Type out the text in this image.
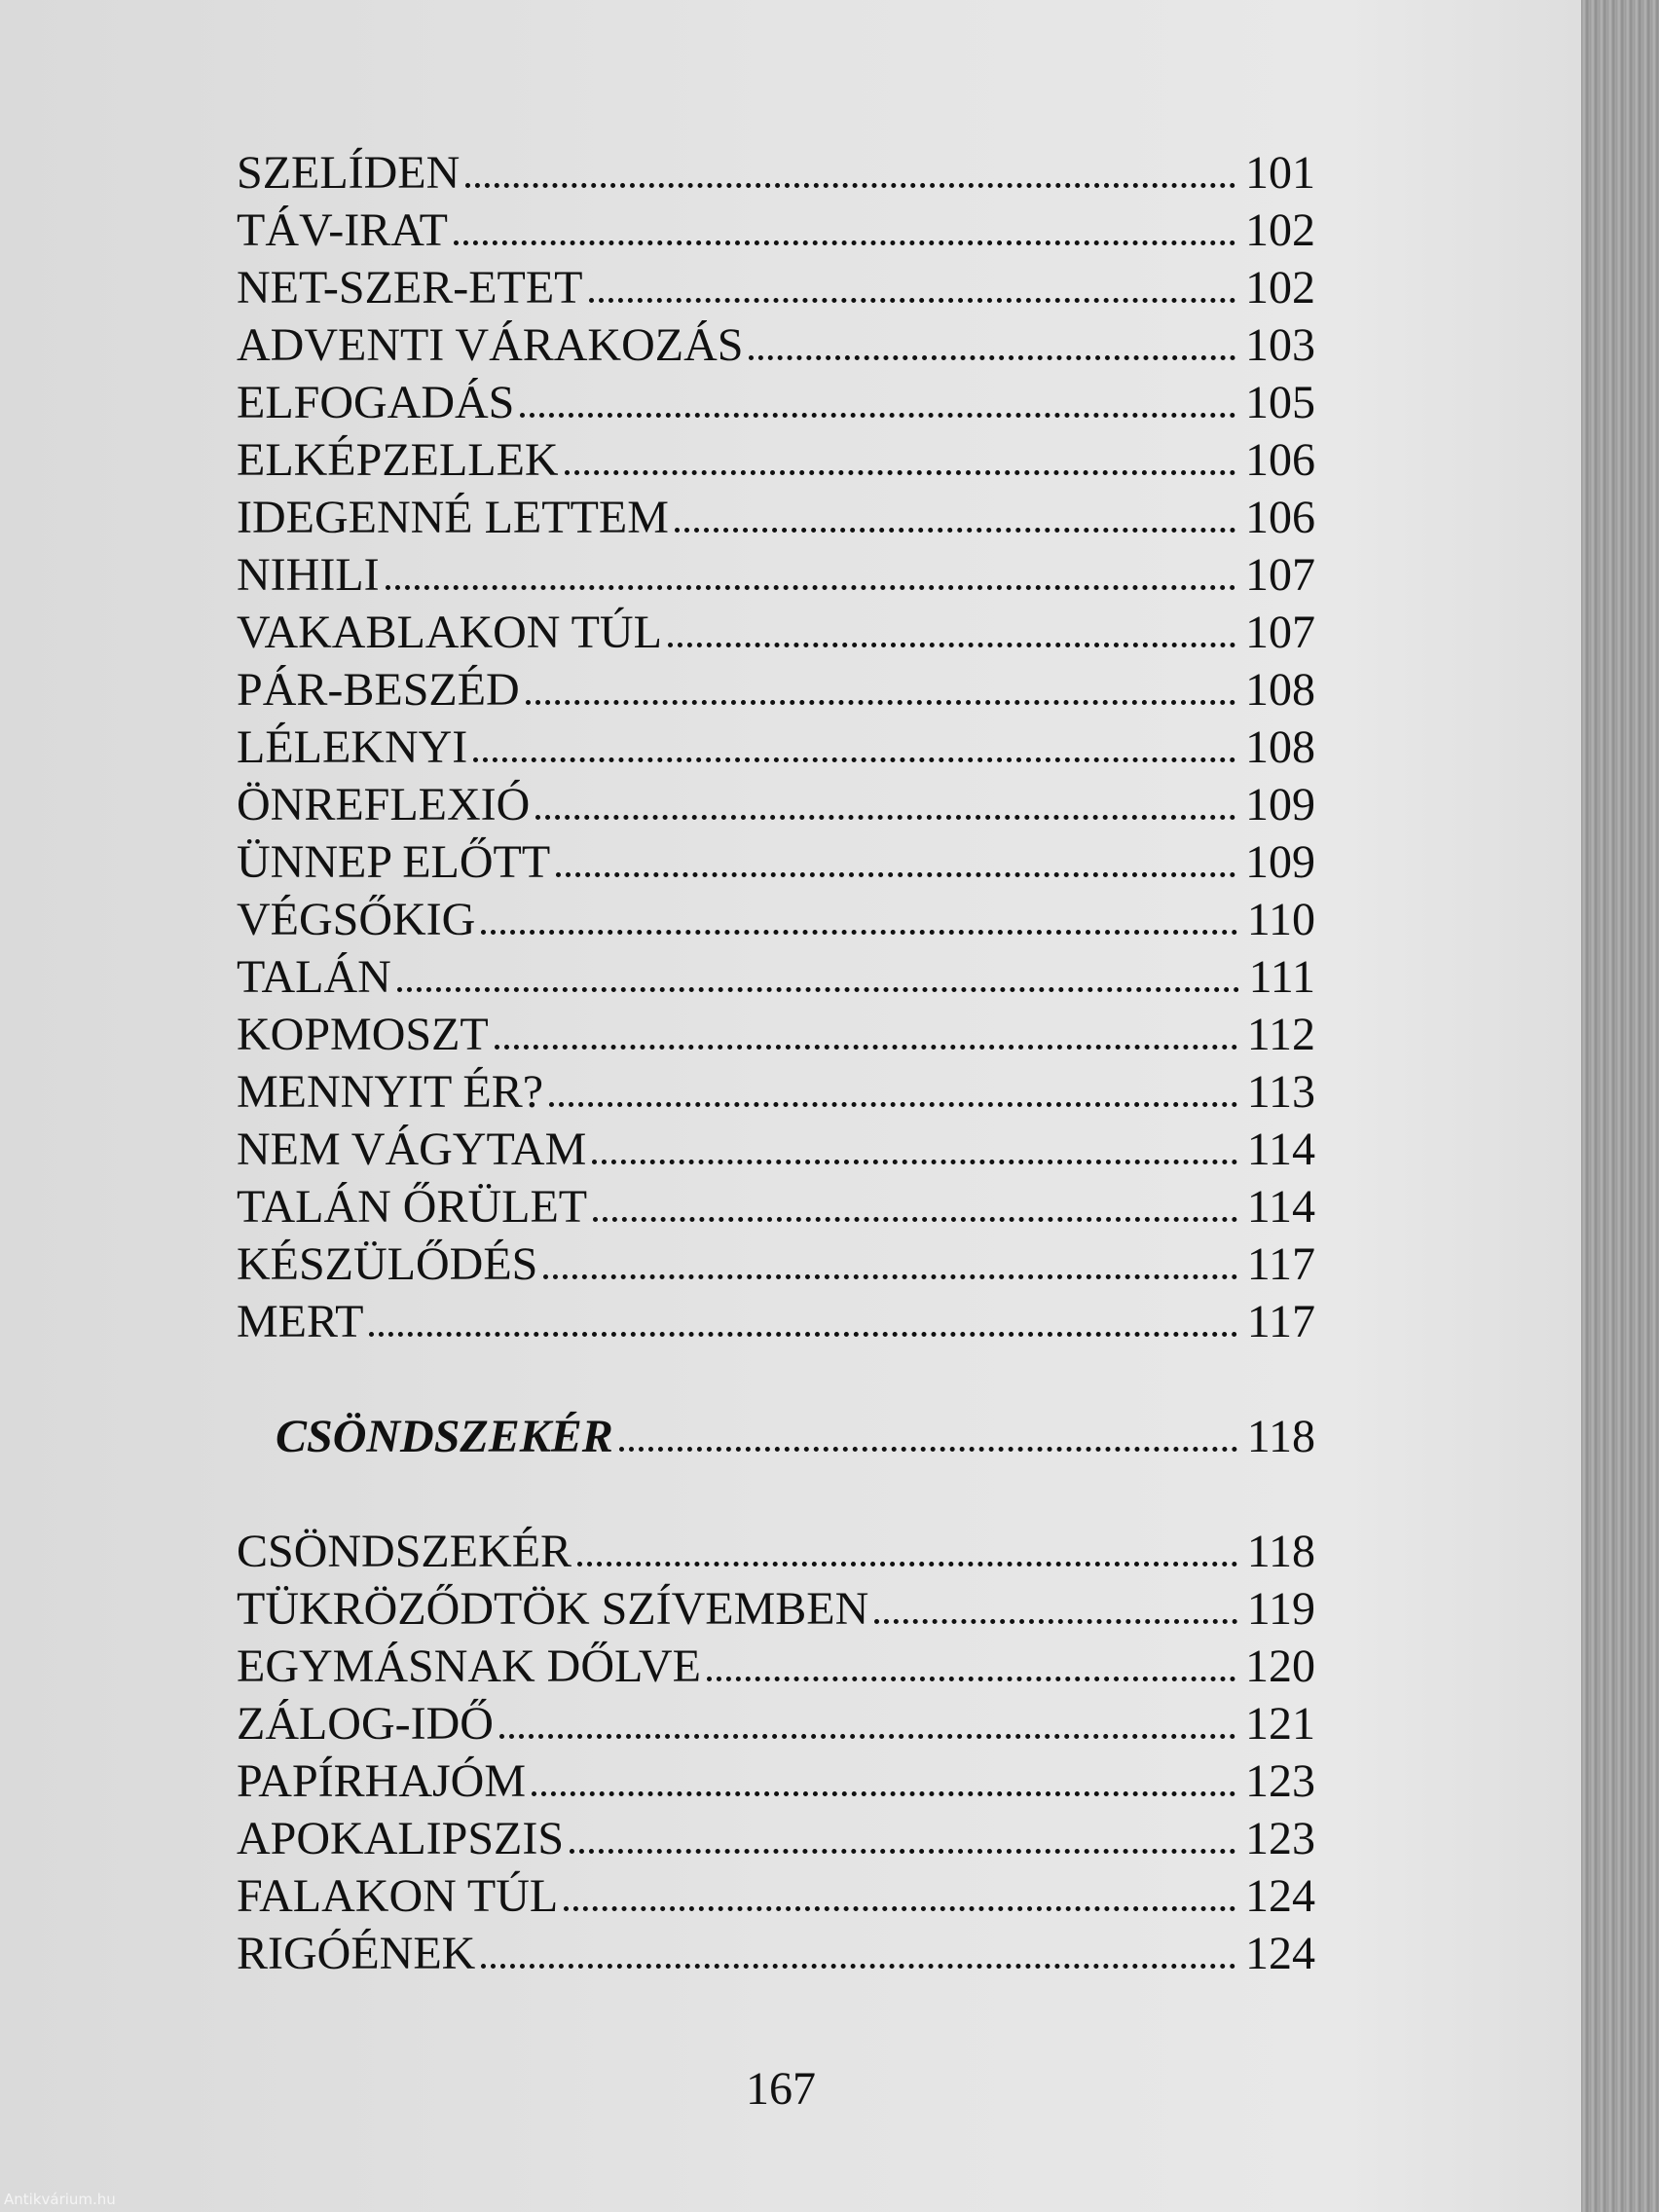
SZELÍDEN	101
TÁV-IRAT	102
NET-SZER-ETET	102
ADVENTI VÁRAKOZÁS	103
ELFOGADÁS	105
ELKÉPZELLEK	106
IDEGENNÉ LETTEM	106
NIHILI	107
VAKABLAKON TÚL	107
PÁR-BESZÉD	108
LÉLEKNYI	108
ÖNREFLEXIÓ	109
ÜNNEP ELŐTT	109
VÉGSŐKIG	110
TALÁN	111
KOPMOSZT	112
MENNYIT ÉR?	113
NEM VÁGYTAM	114
TALÁN ŐRÜLET	114
KÉSZÜLŐDÉS	117
MERT	117
CSÖNDSZEKÉR	118
CSÖNDSZEKÉR	118
TÜKRÖZŐDTÖK SZÍVEMBEN	119
EGYMÁSNAK DŐLVE	120
ZÁLOG-IDŐ	121
PAPÍRHAJÓM	123
APOKALIPSZIS	123
FALAKON TÚL	124
RIGÓÉNEK	124
167
Antikvárium.hu
